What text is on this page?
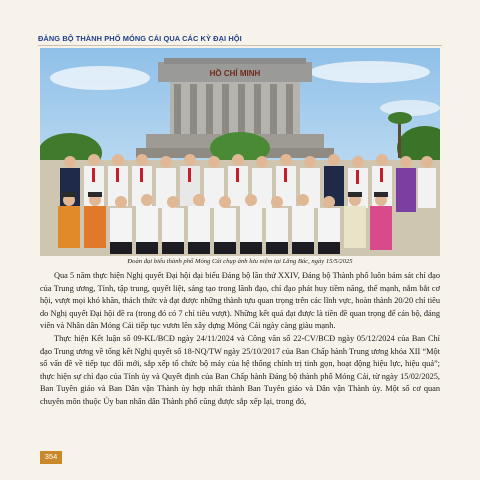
ĐẢNG BỘ THÀNH PHỐ MÓNG CÁI QUA CÁC KỲ ĐẠI HỘI
HỒ CHÍ MINH
Đoàn đại biểu thành phố Móng Cái chụp ảnh lưu niệm tại Lăng Bác, ngày 15/5/2025

Qua 5 năm thực hiện Nghị quyết Đại hội đại biểu Đảng bộ lần thứ XXIV, Đảng bộ Thành phố luôn bám sát chỉ đạo của Trung ương, Tỉnh, tập trung, quyết liệt, sáng tạo trong lãnh đạo, chỉ đạo phát huy tiềm năng, thế mạnh, nắm bắt cơ hội, vượt mọi khó khăn, thách thức và đạt được những thành tựu quan trọng trên các lĩnh vực, hoàn thành 20/20 chỉ tiêu do Nghị quyết Đại hội đề ra (trong đó có 7 chỉ tiêu vượt). Những kết quả đạt được là tiền đề quan trọng để cán bộ, đảng viên và Nhân dân Móng Cái tiếp tục vươn lên xây dựng Móng Cái ngày càng giàu mạnh.

Thực hiện Kết luận số 09-KL/BCĐ ngày 24/11/2024 và Công văn số 22-CV/BCĐ ngày 05/12/2024 của Ban Chỉ đạo Trung ương về tổng kết Nghị quyết số 18-NQ/TW ngày 25/10/2017 của Ban Chấp hành Trung ương khóa XII “Một số vấn đề về tiếp tục đổi mới, sắp xếp tổ chức bộ máy của hệ thống chính trị tinh gọn, hoạt động hiệu lực, hiệu quả”; thực hiện sự chỉ đạo của Tỉnh ủy và Quyết định của Ban Chấp hành Đảng bộ thành phố Móng Cái, từ ngày 15/02/2025, Ban Tuyên giáo và Ban Dân vận Thành ủy hợp nhất thành Ban Tuyên giáo và Dân vận Thành ủy. Một số cơ quan chuyên môn thuộc Ủy ban nhân dân Thành phố cũng được sắp xếp lại, trong đó,

354
